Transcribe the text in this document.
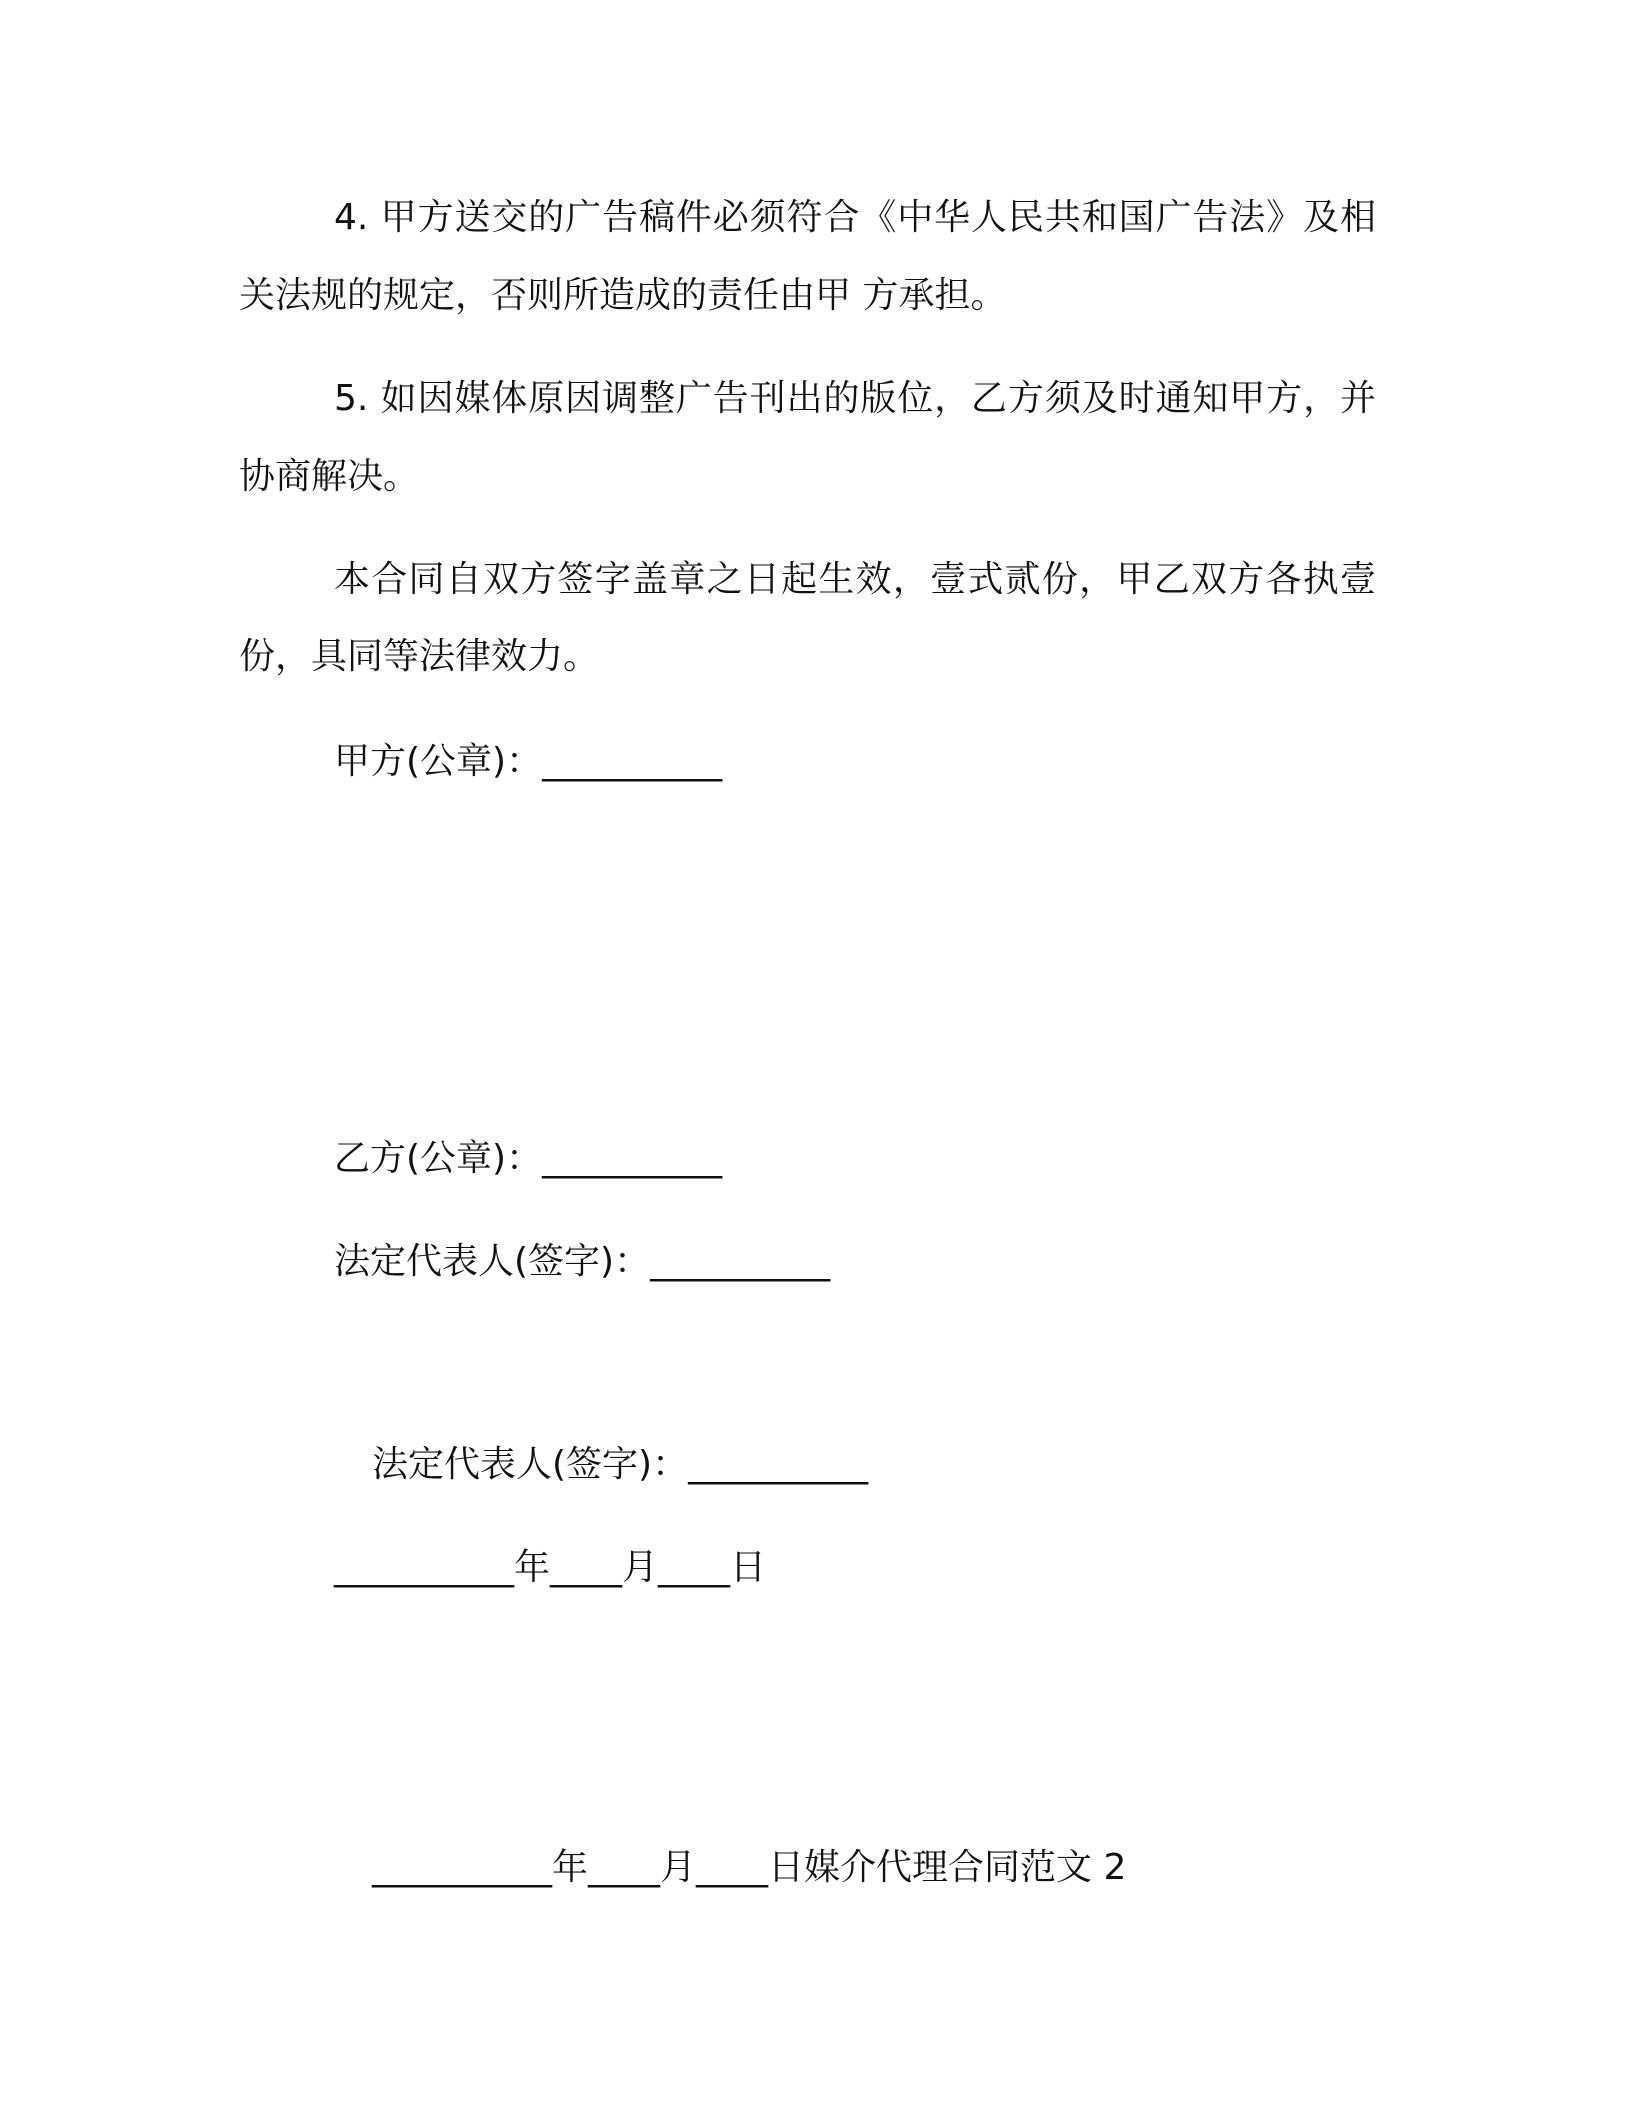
4. 甲方送交的广告稿件必须符合《中华人民共和国广告法》及相
关法规的规定，否则所造成的责任由甲 方承担。
5. 如因媒体原因调整广告刊出的版位，乙方须及时通知甲方，并
协商解决。
本合同自双方签字盖章之日起生效，壹式贰份，甲乙双方各执壹
份，具同等法律效力。
甲方(公章)：__________
乙方(公章)：__________
法定代表人(签字)：__________
法定代表人(签字)：__________
__________年____月____日
__________年____月____日媒介代理合同范文 2
